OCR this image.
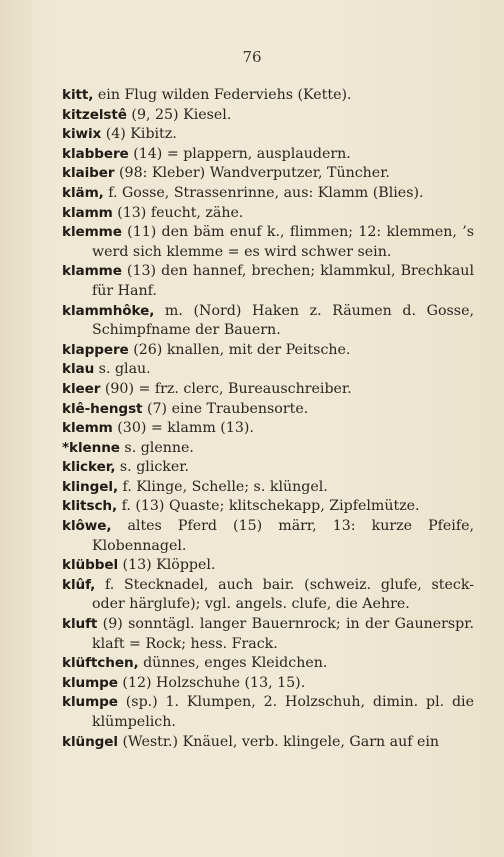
76

kitt, ein Flug wilden Federviehs (Kette).

kitzelstê (9, 25) Kiesel.

kiwix (4) Kibitz.

klabbere (14) = plappern, ausplaudern.

klaiber (98: Kleber) Wandverputzer, Tüncher.

kläm, f. Gosse, Strassenrinne, aus: Klamm (Blies).

klamm (13) feucht, zähe.

klemme (11) den bäm enuf k., flimmen; 12: klemmen, ’s werd sich klemme = es wird schwer sein.

klamme (13) den hannef, brechen; klammkul, Brechkaul für Hanf.

klammhôke, m. (Nord) Haken z. Räumen d. Gosse, Schimpfname der Bauern.

klappere (26) knallen, mit der Peitsche.

klau s. glau.

kleer (90) = frz. clerc, Bureauschreiber.

klê-hengst (7) eine Traubensorte.

klemm (30) = klamm (13).

*klenne s. glenne.

klicker, s. glicker.

klingel, f. Klinge, Schelle; s. klüngel.

klitsch, f. (13) Quaste; klitschekapp, Zipfelmütze.

klôwe, altes Pferd (15) märr, 13: kurze Pfeife, Klobennagel.

klübbel (13) Klöppel.

klûf, f. Stecknadel, auch bair. (schweiz. glufe, steck- oder härglufe); vgl. angels. clufe, die Aehre.

kluft (9) sonntägl. langer Bauernrock; in der Gaunerspr. klaft = Rock; hess. Frack.

klüftchen, dünnes, enges Kleidchen.

klumpe (12) Holzschuhe (13, 15).

klumpe (sp.) 1. Klumpen, 2. Holzschuh, dimin. pl. die klümpelich.

klüngel (Westr.) Knäuel, verb. klingele, Garn auf ein
